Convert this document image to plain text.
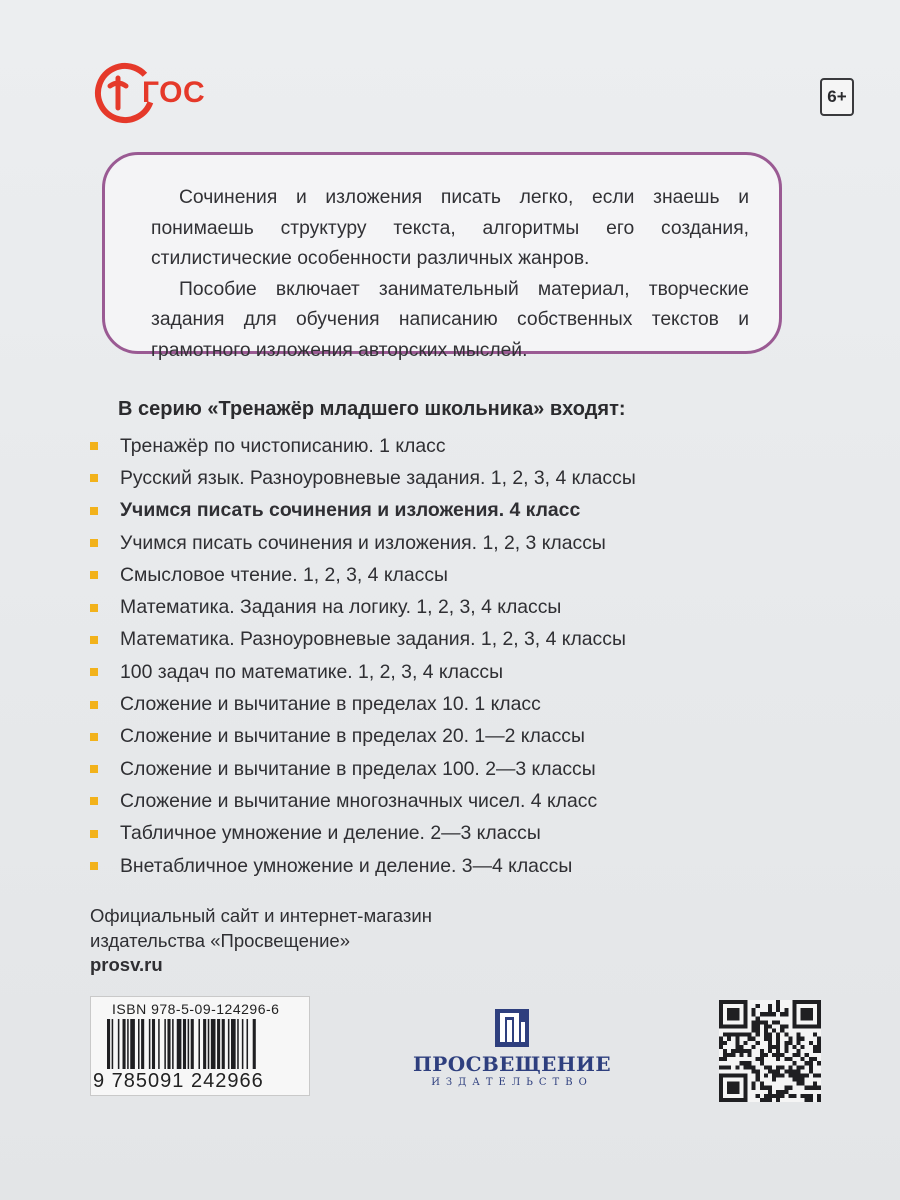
ГОС	6+

Сочинения и изложения писать легко, если знаешь и понимаешь структуру текста, алгоритмы его создания, стилистические особенности различных жанров.

Пособие включает занимательный материал, творческие задания для обучения написанию собственных текстов и грамотного изложения авторских мыслей.

В серию «Тренажёр младшего школьника» входят:
Тренажёр по чистописанию. 1 класс
Русский язык. Разноуровневые задания. 1, 2, 3, 4 классы
Учимся писать сочинения и изложения. 4 класс
Учимся писать сочинения и изложения. 1, 2, 3 классы
Смысловое чтение. 1, 2, 3, 4 классы
Математика. Задания на логику. 1, 2, 3, 4 классы
Математика. Разноуровневые задания. 1, 2, 3, 4 классы
100 задач по математике. 1, 2, 3, 4 классы
Сложение и вычитание в пределах 10. 1 класс
Сложение и вычитание в пределах 20. 1—2 классы
Сложение и вычитание в пределах 100. 2—3 классы
Сложение и вычитание многозначных чисел. 4 класс
Табличное умножение и деление. 2—3 классы
Внетабличное умножение и деление. 3—4 классы
Официальный сайт и интернет-магазин
издательства «Просвещение»
prosv.ru
ISBN 978-5-09-124296-6
9 785091 242966
ПРОСВЕЩЕНИЕ
ИЗДАТЕЛЬСТВО
